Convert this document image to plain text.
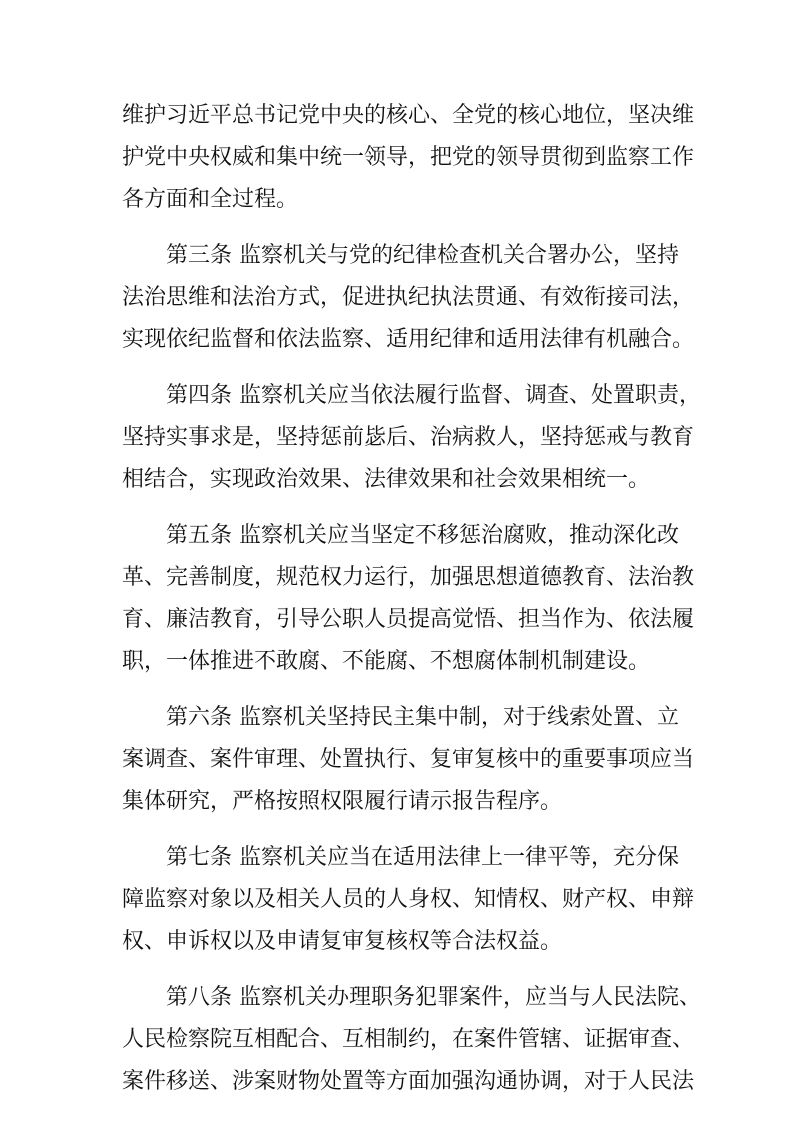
维护习近平总书记党中央的核心、全党的核心地位，坚决维
护党中央权威和集中统一领导，把党的领导贯彻到监察工作
各方面和全过程。
第三条 监察机关与党的纪律检查机关合署办公，坚持
法治思维和法治方式，促进执纪执法贯通、有效衔接司法，
实现依纪监督和依法监察、适用纪律和适用法律有机融合。
第四条 监察机关应当依法履行监督、调查、处置职责，
坚持实事求是，坚持惩前毖后、治病救人，坚持惩戒与教育
相结合，实现政治效果、法律效果和社会效果相统一。
第五条 监察机关应当坚定不移惩治腐败，推动深化改
革、完善制度，规范权力运行，加强思想道德教育、法治教
育、廉洁教育，引导公职人员提高觉悟、担当作为、依法履
职，一体推进不敢腐、不能腐、不想腐体制机制建设。
第六条 监察机关坚持民主集中制，对于线索处置、立
案调查、案件审理、处置执行、复审复核中的重要事项应当
集体研究，严格按照权限履行请示报告程序。
第七条 监察机关应当在适用法律上一律平等，充分保
障监察对象以及相关人员的人身权、知情权、财产权、申辩
权、申诉权以及申请复审复核权等合法权益。
第八条 监察机关办理职务犯罪案件，应当与人民法院、
人民检察院互相配合、互相制约，在案件管辖、证据审查、
案件移送、涉案财物处置等方面加强沟通协调，对于人民法
